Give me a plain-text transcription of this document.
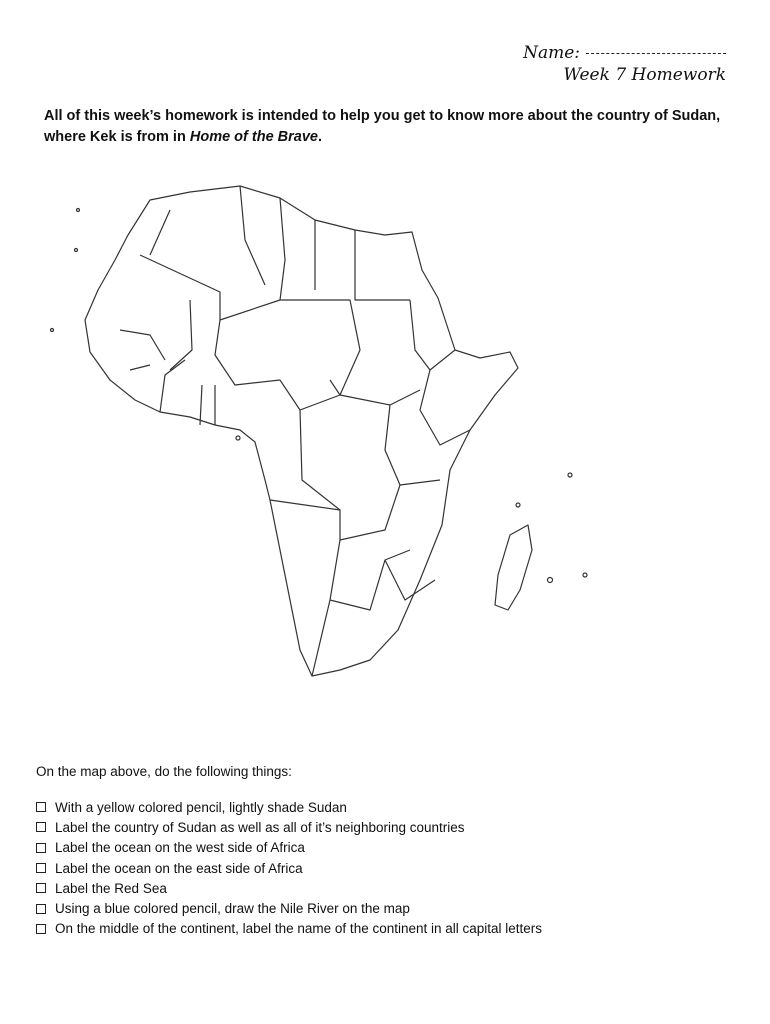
Name:
Week 7 Homework
All of this week’s homework is intended to help you get to know more about the country of Sudan, where Kek is from in Home of the Brave.

On the map above, do the following things:

With a yellow colored pencil, lightly shade Sudan
Label the country of Sudan as well as all of it’s neighboring countries
Label the ocean on the west side of Africa
Label the ocean on the east side of Africa
Label the Red Sea
Using a blue colored pencil, draw the Nile River on the map
On the middle of the continent, label the name of the continent in all capital letters
